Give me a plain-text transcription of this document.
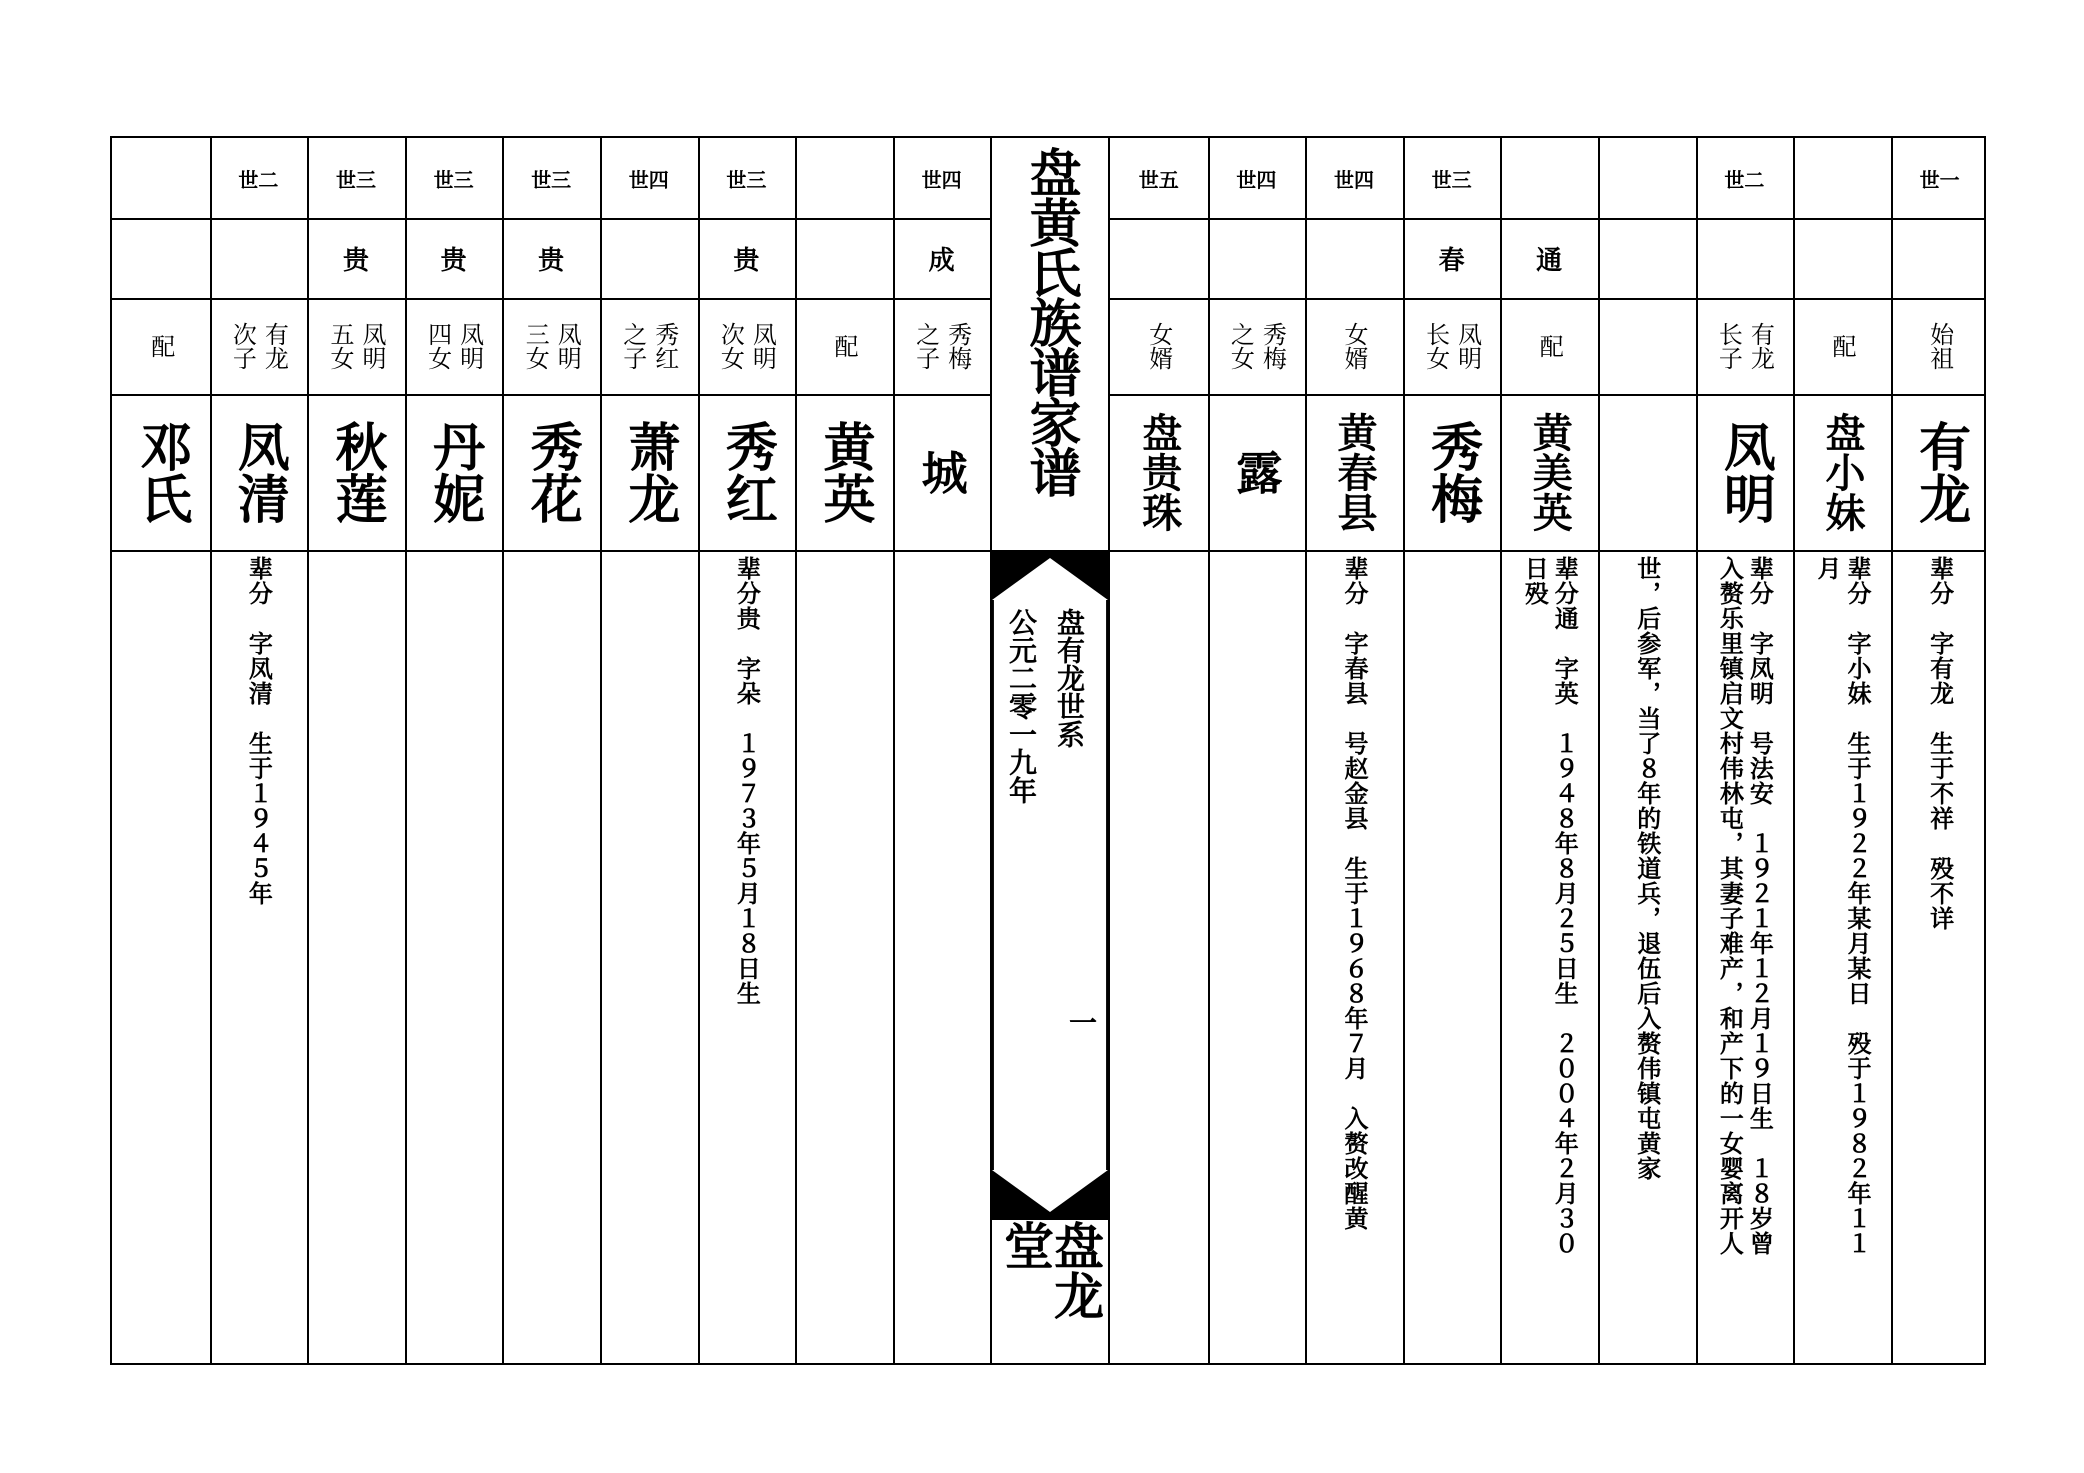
盘黄氏族谱家谱
盘有龙世系
公元二零一九年
一
盘龙堂
配
邓氏
世二
有龙
次子
凤清
辈分　字凤清　生于１９４５年
世三
贵
凤明
五女
秋莲
世三
贵
凤明
四女
丹妮
世三
贵
凤明
三女
秀花
世四
秀红
之子
萧龙
世三
贵
凤明
次女
秀红
辈分贵　字朵　１９７３年５月１８日生
配
黄英
世四
成
秀梅
之子
城
世五
女婿
盘贵珠
世四
秀梅
之女
露
世四
女婿
黄春县
辈分　字春县　号赵金县　生于１９６８年７月　入赘改醒黄
世三
春
凤明
长女
秀梅
通
配
黄美英
辈分通　字英　１９４８年８月２５日生　２００４年２月３０
日殁	世，后参军，当了８年的铁道兵，退伍后入赘伟镇屯黄家
世二
有龙
长子
凤明
辈分　字凤明　号法安　１９２１年１２月１９日生　１８岁曾
入赘乐里镇启文村伟林屯，其妻子难产，和产下的一女婴离开人
配
盘小妹
辈分　字小妹　生于１９２２年某月某日　殁于１９８２年１１
月
世一
始祖
有龙
辈分　字有龙　生于不祥　殁不详
